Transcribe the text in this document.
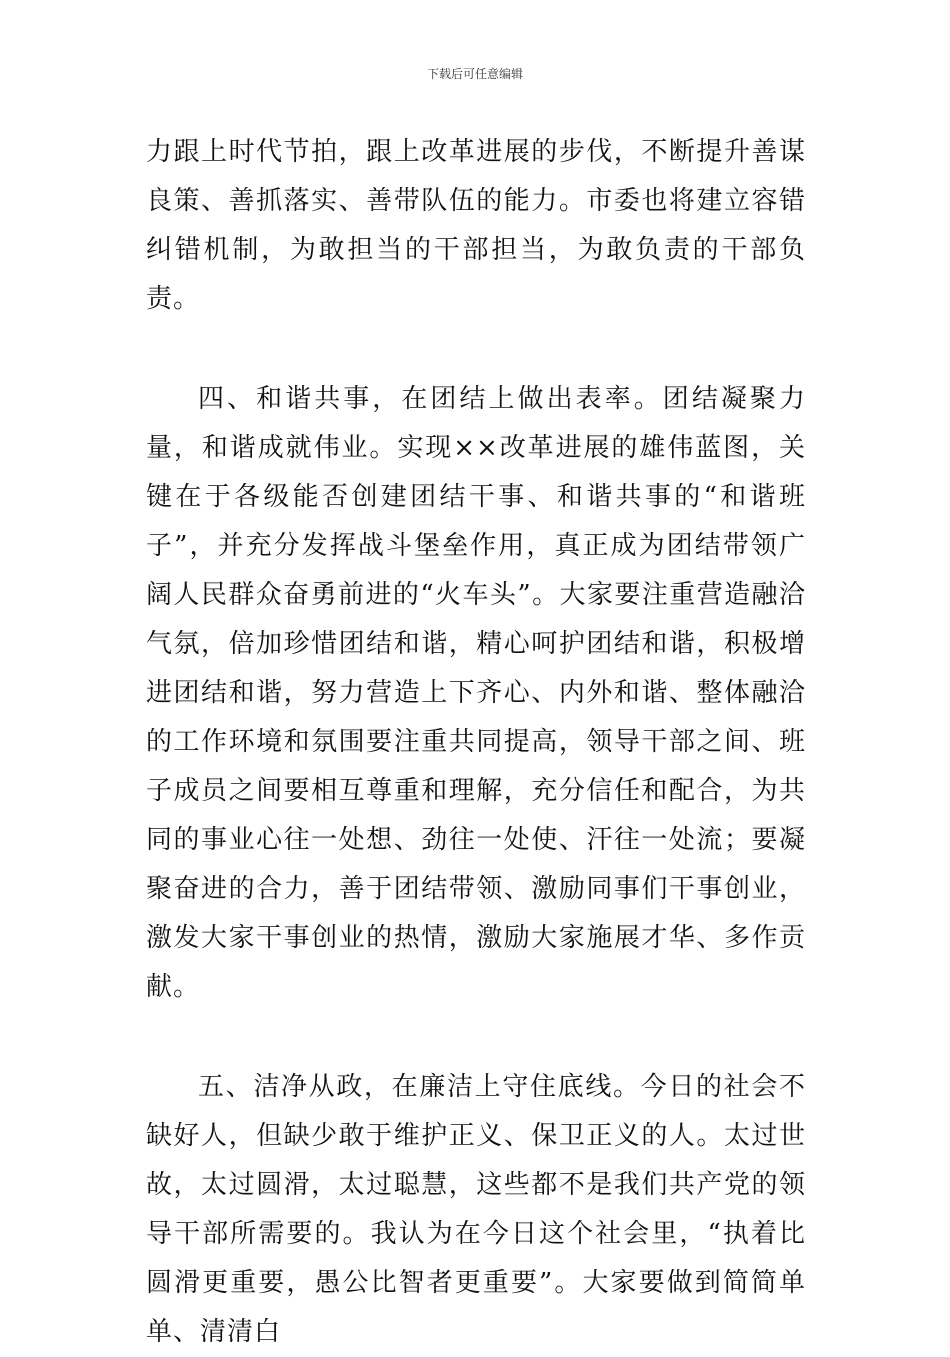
下载后可任意编辑

力跟上时代节拍，跟上改革进展的步伐，不断提升善谋良策、善抓落实、善带队伍的能力。市委也将建立容错纠错机制，为敢担当的干部担当，为敢负责的干部负责。

四、和谐共事，在团结上做出表率。团结凝聚力量，和谐成就伟业。实现××改革进展的雄伟蓝图，关键在于各级能否创建团结干事、和谐共事的“和谐班子”，并充分发挥战斗堡垒作用，真正成为团结带领广阔人民群众奋勇前进的“火车头”。大家要注重营造融洽气氛，倍加珍惜团结和谐，精心呵护团结和谐，积极增进团结和谐，努力营造上下齐心、内外和谐、整体融洽的工作环境和氛围要注重共同提高，领导干部之间、班子成员之间要相互尊重和理解，充分信任和配合，为共同的事业心往一处想、劲往一处使、汗往一处流；要凝聚奋进的合力，善于团结带领、激励同事们干事创业，激发大家干事创业的热情，激励大家施展才华、多作贡献。

五、洁净从政，在廉洁上守住底线。今日的社会不缺好人，但缺少敢于维护正义、保卫正义的人。太过世故，太过圆滑，太过聪慧，这些都不是我们共产党的领导干部所需要的。我认为在今日这个社会里，“执着比圆滑更重要，愚公比智者更重要”。大家要做到简简单单、清清白
